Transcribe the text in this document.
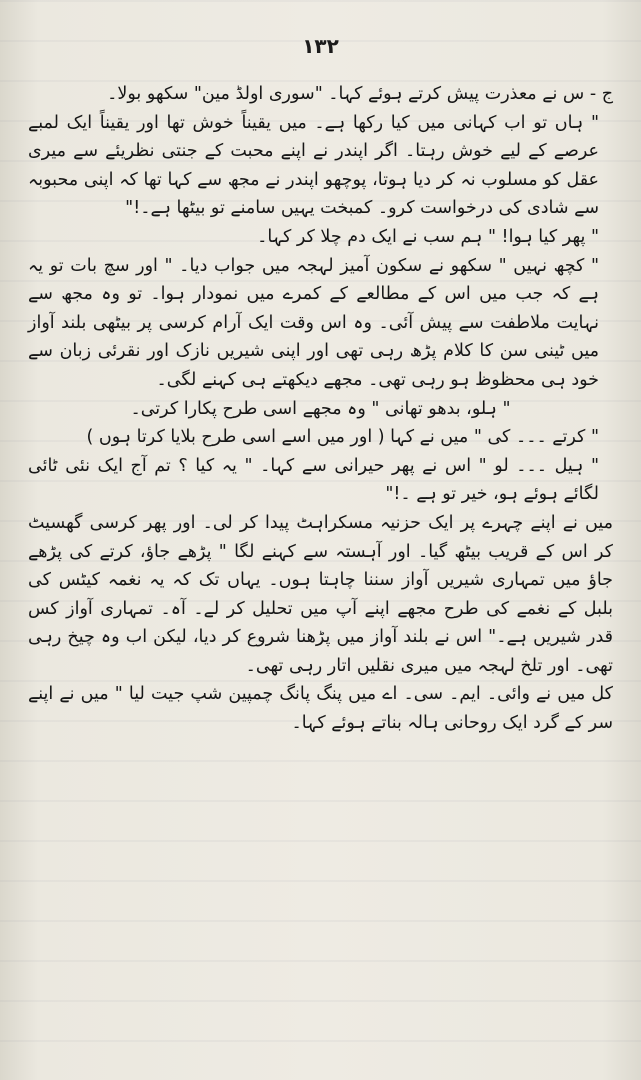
۱۳۲

ج - س نے معذرت پیش کرتے ہوئے کہا۔ "سوری اولڈ مین" سکھو بولا۔

" ہاں تو اب کہانی میں کیا رکھا ہے۔ میں یقیناً خوش تھا اور یقیناً ایک لمبے عرصے کے لیے خوش رہتا۔ اگر اپندر نے اپنے محبت کے جنتی نظریئے سے میری عقل کو مسلوب نہ کر دیا ہوتا، پوچھو اپندر نے مجھ سے کہا تھا کہ اپنی محبوبہ سے شادی کی درخواست کرو۔ کمبخت یہیں سامنے تو بیٹھا ہے۔!"

" پھر کیا ہوا! " ہم سب نے ایک دم چلا کر کہا۔

" کچھ نہیں " سکھو نے سکون آمیز لہجہ میں جواب دیا۔ " اور سچ بات تو یہ ہے کہ جب میں اس کے مطالعے کے کمرے میں نمودار ہوا۔ تو وہ مجھ سے نہایت ملاطفت سے پیش آئی۔ وہ اس وقت ایک آرام کرسی پر بیٹھی بلند آواز میں ٹینی سن کا کلام پڑھ رہی تھی اور اپنی شیریں نازک اور نقرئی زبان سے خود ہی محظوظ ہو رہی تھی۔ مجھے دیکھتے ہی کہنے لگی۔

" ہلو، بدھو تھانی " وہ مجھے اسی طرح پکارا کرتی۔

" کرتے ۔۔۔ کی " میں نے کہا ( اور میں اسے اسی طرح بلایا کرتا ہوں )

" ہیل ۔۔۔ لو " اس نے پھر حیرانی سے کہا۔ " یہ کیا ؟ تم آج ایک نئی ٹائی لگائے ہوئے ہو، خیر تو ہے ۔!"

میں نے اپنے چہرے پر ایک حزنیہ مسکراہٹ پیدا کر لی۔ اور پھر کرسی گھسیٹ کر اس کے قریب بیٹھ گیا۔ اور آہستہ سے کہنے لگا " پڑھے جاؤ، کرتے کی پڑھے جاؤ میں تمہاری شیریں آواز سننا چاہتا ہوں۔ یہاں تک کہ یہ نغمہ کیٹس کی بلبل کے نغمے کی طرح مجھے اپنے آپ میں تحلیل کر لے۔ آہ۔ تمہاری آواز کس قدر شیریں ہے۔" اس نے بلند آواز میں پڑھنا شروع کر دیا، لیکن اب وہ چیخ رہی تھی۔ اور تلخ لہجہ میں میری نقلیں اتار رہی تھی۔

کل میں نے وائی۔ ایم۔ سی۔ اے میں پنگ پانگ چمپین شپ جیت لیا " میں نے اپنے سر کے گرد ایک روحانی ہالہ بناتے ہوئے کہا۔
